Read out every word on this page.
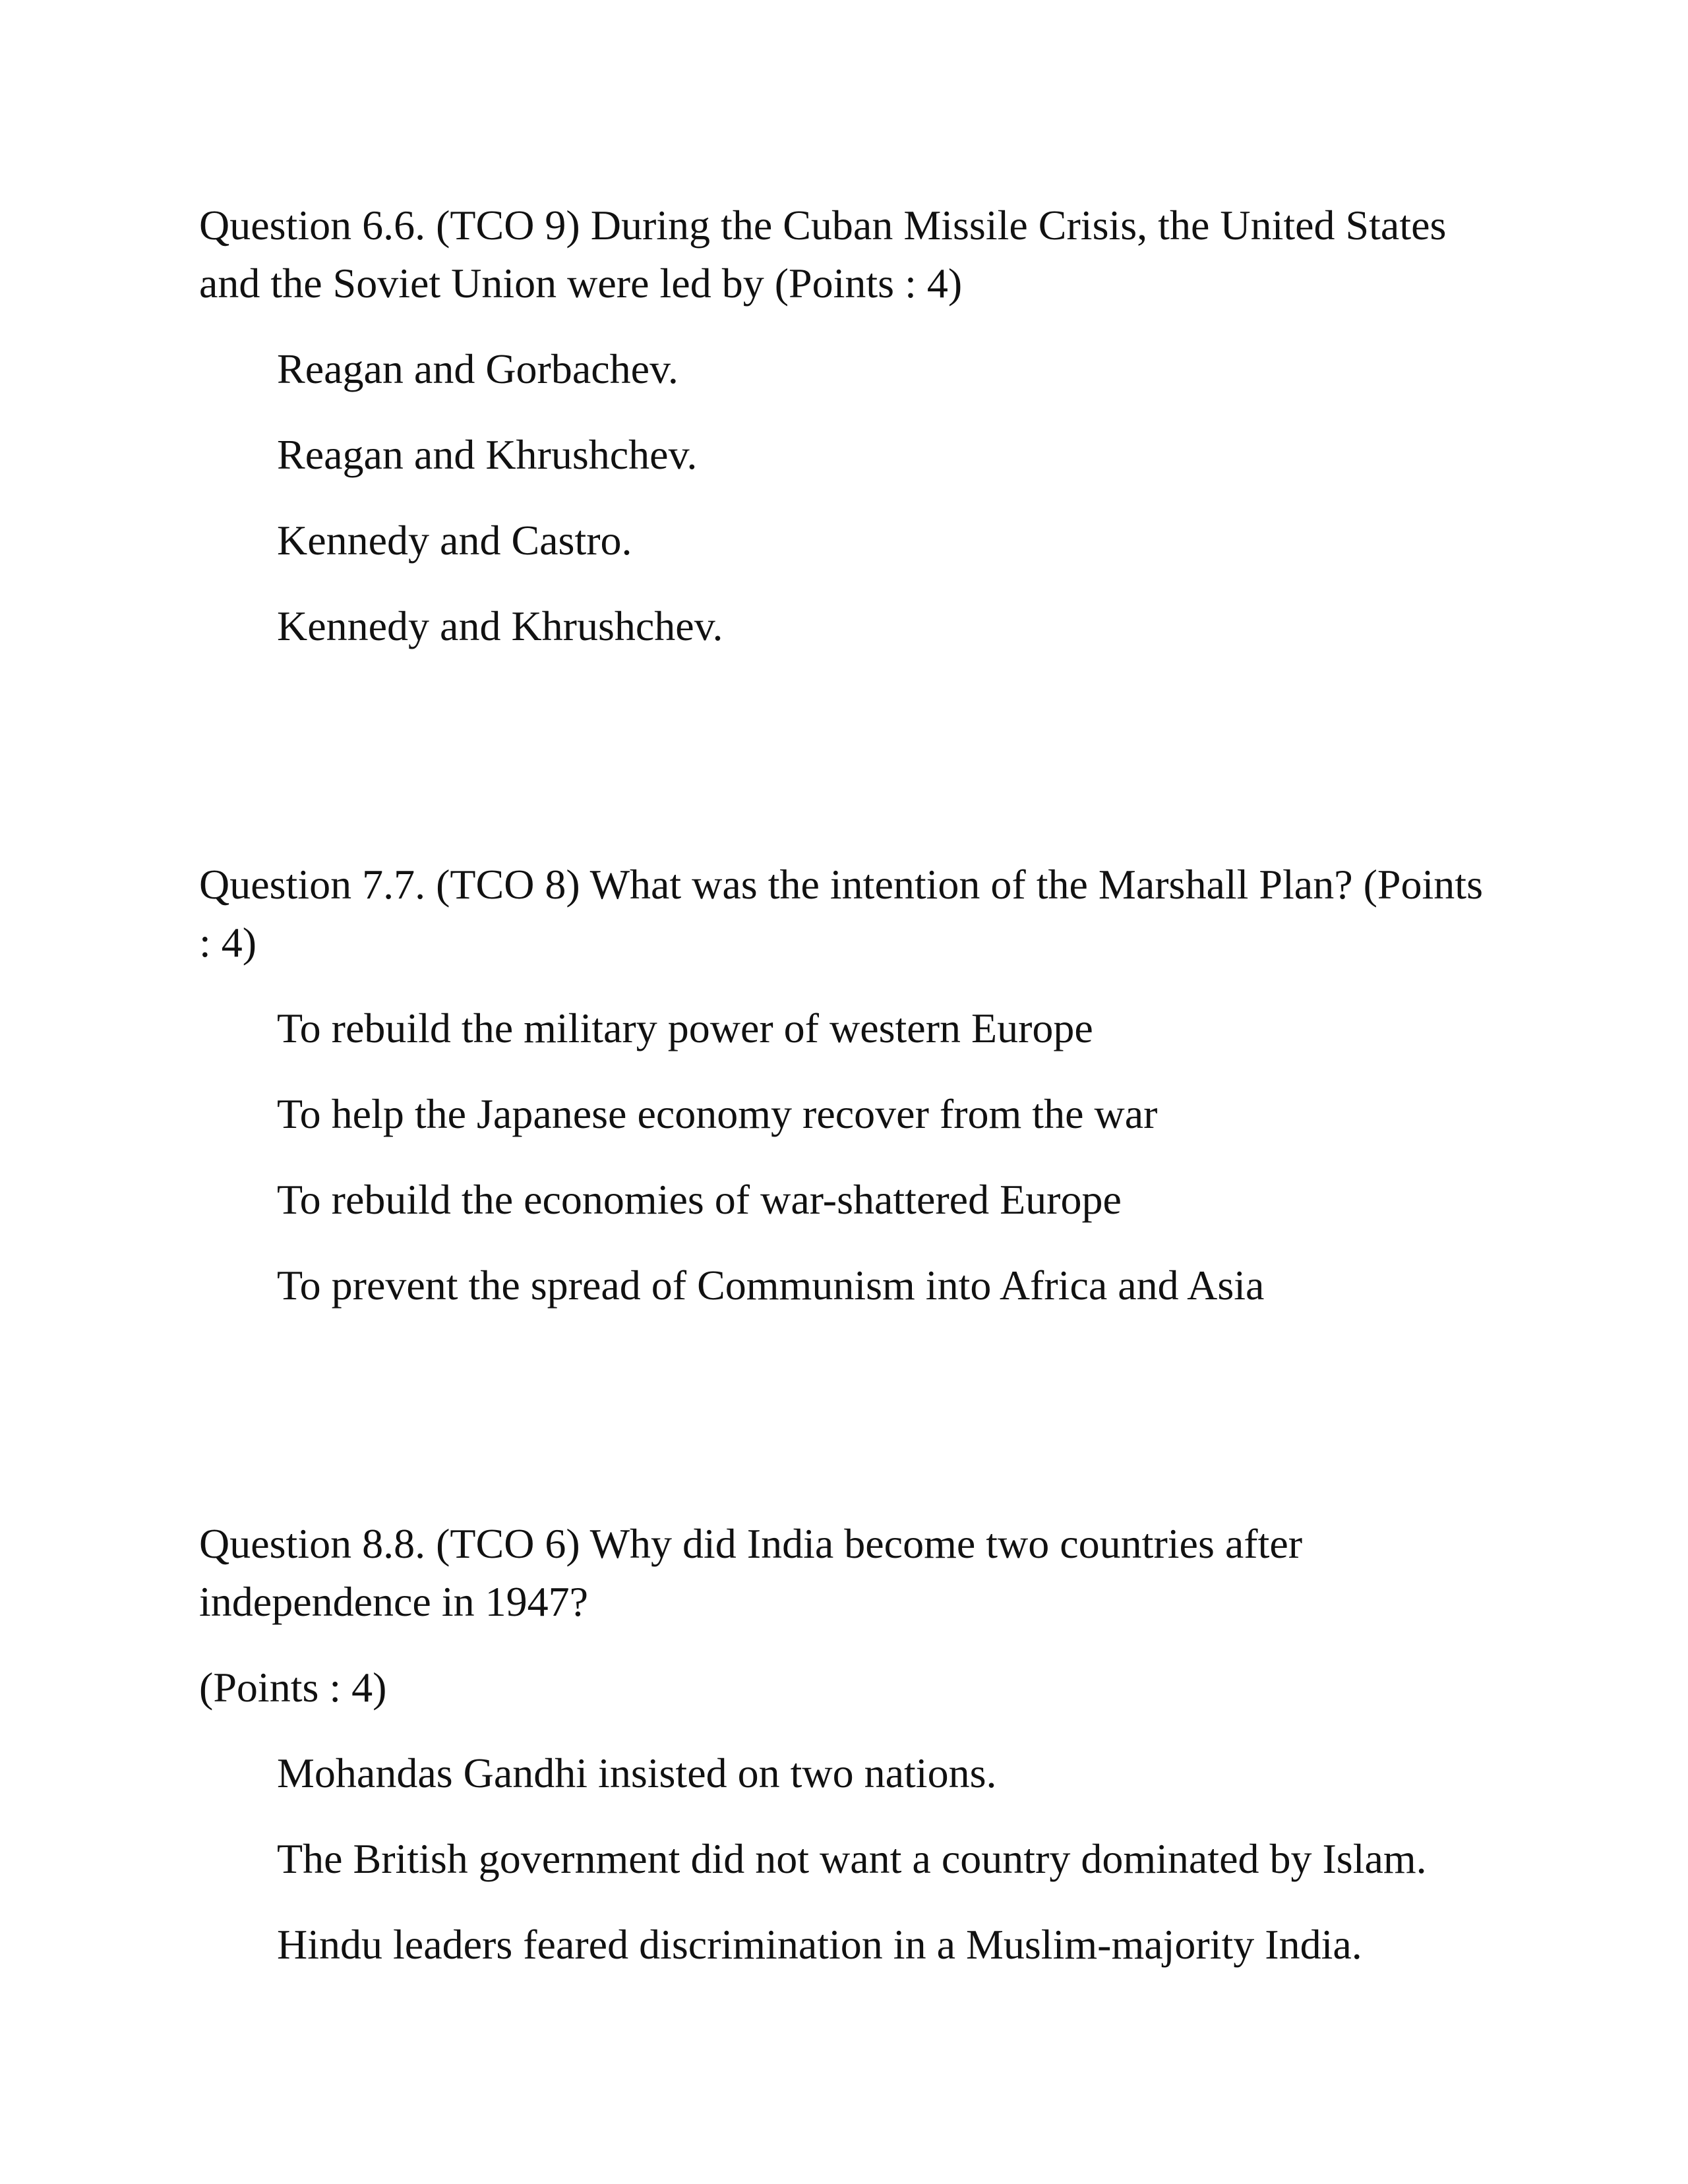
Question 6.6. (TCO 9) During the Cuban Missile Crisis, the United States and the Soviet Union were led by (Points : 4)

Reagan and Gorbachev.
Reagan and Khrushchev.
Kennedy and Castro.
Kennedy and Khrushchev.

Question 7.7. (TCO 8) What was the intention of the Marshall Plan? (Points : 4)

To rebuild the military power of western Europe
To help the Japanese economy recover from the war
To rebuild the economies of war-shattered Europe
To prevent the spread of Communism into Africa and Asia

Question 8.8. (TCO 6) Why did India become two countries after independence in 1947?

(Points : 4)

Mohandas Gandhi insisted on two nations.
The British government did not want a country dominated by Islam.
Hindu leaders feared discrimination in a Muslim-majority India.
